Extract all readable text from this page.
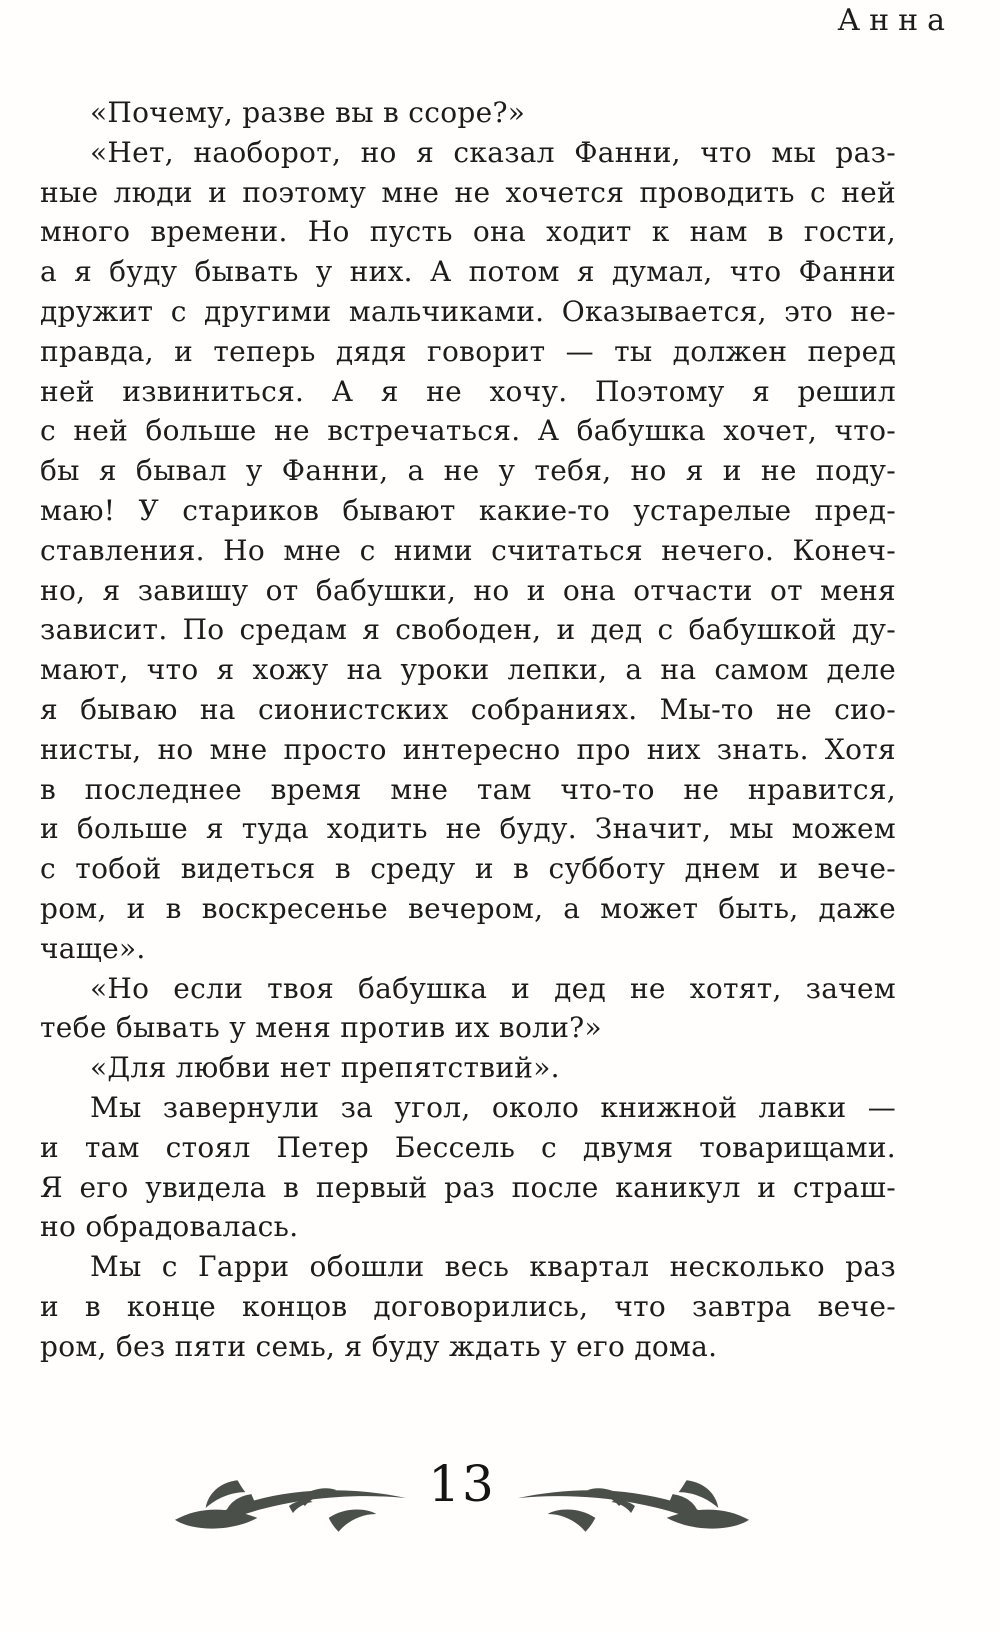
«Почему, разве вы в ссоре?»
«Нет, наоборот, но я сказал Фанни, что мы раз-
ные люди и поэтому мне не хочется проводить с ней
много времени. Но пусть она ходит к нам в гости,
а я буду бывать у них. А потом я думал, что Фанни
дружит с другими мальчиками. Оказывается, это не-
правда, и теперь дядя говорит — ты должен перед
ней извиниться. А я не хочу. Поэтому я решил
с ней больше не встречаться. А бабушка хочет, что-
бы я бывал у Фанни, а не у тебя, но я и не поду-
маю! У стариков бывают какие-то устарелые пред-
ставления. Но мне с ними считаться нечего. Конеч-
но, я завишу от бабушки, но и она отчасти от меня
зависит. По средам я свободен, и дед с бабушкой ду-
мают, что я хожу на уроки лепки, а на самом деле
я бываю на сионистских собраниях. Мы-то не сио-
нисты, но мне просто интересно про них знать. Хотя
в последнее время мне там что-то не нравится,
и больше я туда ходить не буду. Значит, мы можем
с тобой видеться в среду и в субботу днем и вече-
ром, и в воскресенье вечером, а может быть, даже
чаще».
«Но если твоя бабушка и дед не хотят, зачем
тебе бывать у меня против их воли?»
«Для любви нет препятствий».
Мы завернули за угол, около книжной лавки —
и там стоял Петер Бессель с двумя товарищами.
Я его увидела в первый раз после каникул и страш-
но обрадовалась.
Мы с Гарри обошли весь квартал несколько раз
и в конце концов договорились, что завтра вече-
ром, без пяти семь, я буду ждать у его дома.
Анна
13
